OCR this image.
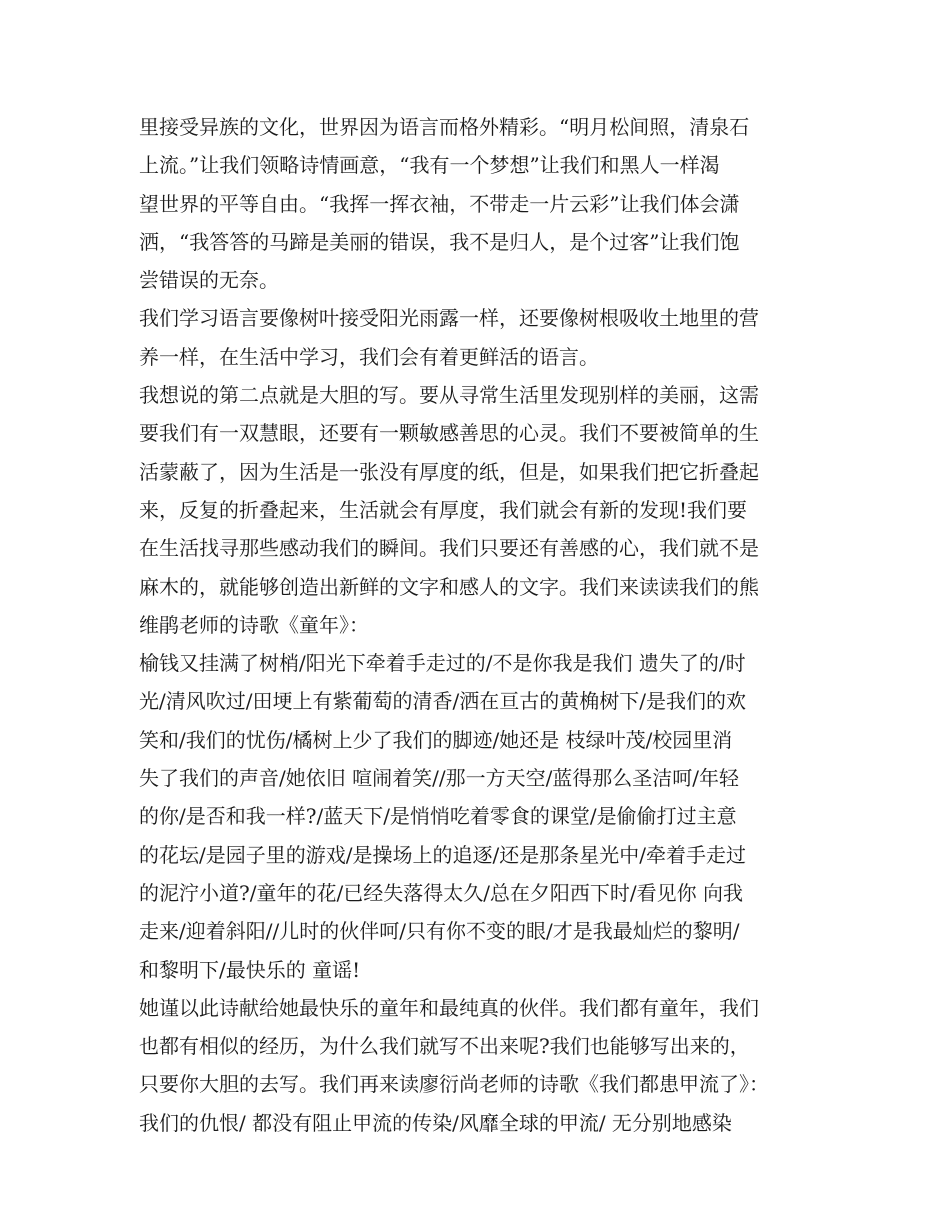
里接受异族的文化，世界因为语言而格外精彩。“明月松间照，清泉石
上流。”让我们领略诗情画意，“我有一个梦想”让我们和黑人一样渴
望世界的平等自由。“我挥一挥衣袖，不带走一片云彩”让我们体会潇
洒，“我答答的马蹄是美丽的错误，我不是归人，是个过客”让我们饱
尝错误的无奈。
我们学习语言要像树叶接受阳光雨露一样，还要像树根吸收土地里的营
养一样，在生活中学习，我们会有着更鲜活的语言。
我想说的第二点就是大胆的写。要从寻常生活里发现别样的美丽，这需
要我们有一双慧眼，还要有一颗敏感善思的心灵。我们不要被简单的生
活蒙蔽了，因为生活是一张没有厚度的纸，但是，如果我们把它折叠起
来，反复的折叠起来，生活就会有厚度，我们就会有新的发现!我们要
在生活找寻那些感动我们的瞬间。我们只要还有善感的心，我们就不是
麻木的，就能够创造出新鲜的文字和感人的文字。我们来读读我们的熊
维鹃老师的诗歌《童年》：
榆钱又挂满了树梢/阳光下牵着手走过的/不是你我是我们 遗失了的/时
光/清风吹过/田埂上有紫葡萄的清香/洒在亘古的黄桷树下/是我们的欢
笑和/我们的忧伤/橘树上少了我们的脚迹/她还是 枝绿叶茂/校园里消
失了我们的声音/她依旧 喧闹着笑//那一方天空/蓝得那么圣洁呵/年轻
的你/是否和我一样?/蓝天下/是悄悄吃着零食的课堂/是偷偷打过主意
的花坛/是园子里的游戏/是操场上的追逐/还是那条星光中/牵着手走过
的泥泞小道?/童年的花/已经失落得太久/总在夕阳西下时/看见你 向我
走来/迎着斜阳//儿时的伙伴呵/只有你不变的眼/才是我最灿烂的黎明/
和黎明下/最快乐的 童谣!
她谨以此诗献给她最快乐的童年和最纯真的伙伴。我们都有童年，我们
也都有相似的经历，为什么我们就写不出来呢?我们也能够写出来的，
只要你大胆的去写。我们再来读廖衍尚老师的诗歌《我们都患甲流了》：
我们的仇恨/ 都没有阻止甲流的传染/风靡全球的甲流/ 无分别地感染
